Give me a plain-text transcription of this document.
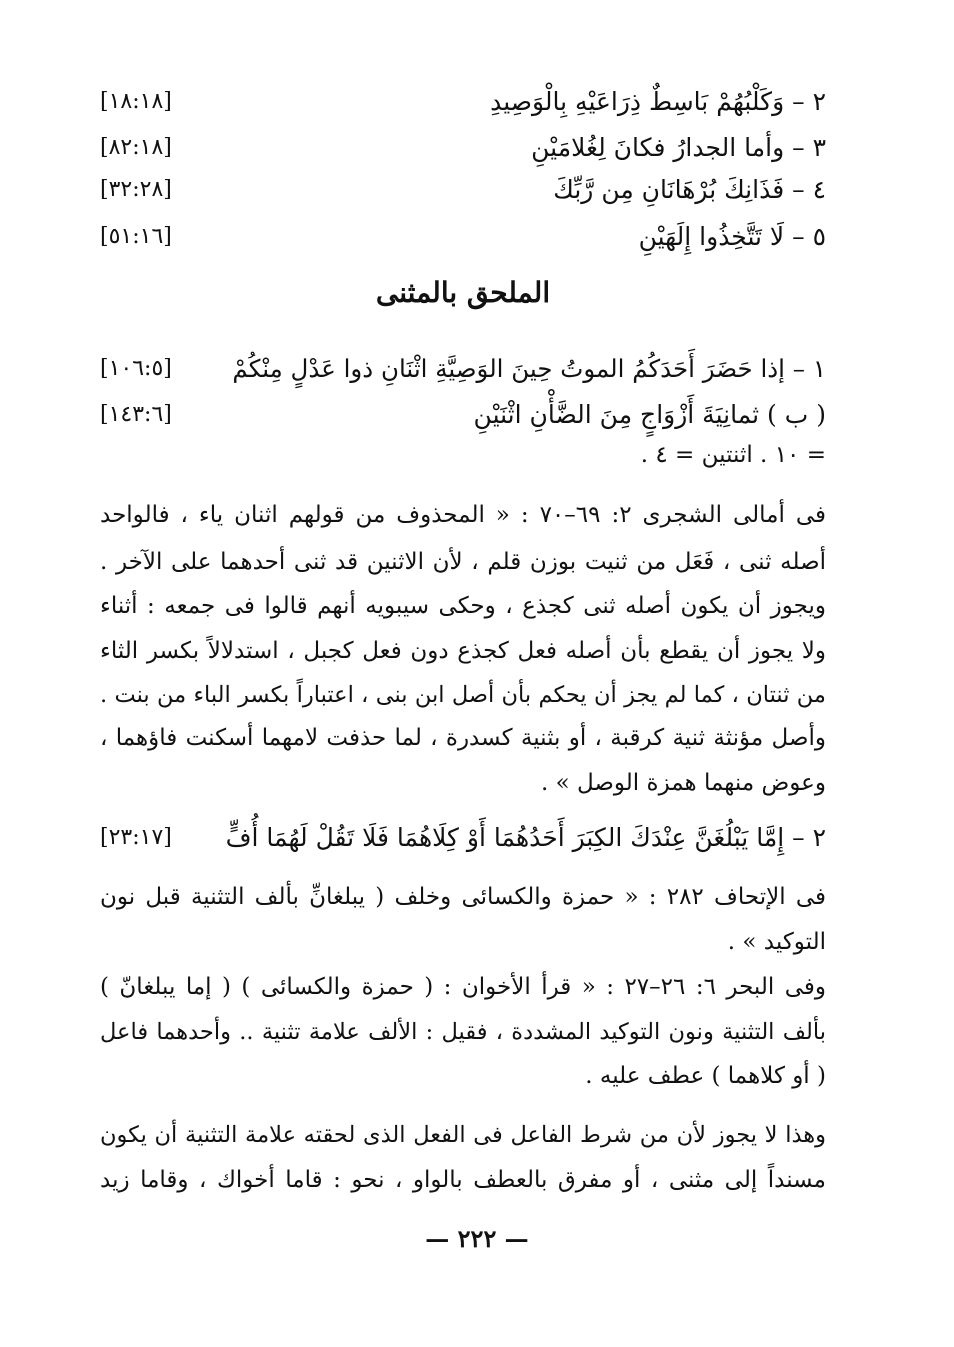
[١٨:١٨]	٢ – وَكَلْبُهُمْ بَاسِطٌ ذِرَاعَيْهِ بِالْوَصِيدِ
[٨٢:١٨]	٣ – وأما الجدارُ فكانَ لِغُلامَيْنِ
[٣٢:٢٨]	٤ – فَذَانِكَ بُرْهَانَانِ مِن رَّبِّكَ
[٥١:١٦]	٥ – لَا تَتَّخِذُوا إِلَهَيْنِ
الملحق بالمثنى
[١٠٦:٥] ١ – إذا حَضَرَ أَحَدَكُمُ الموتُ حِينَ الوَصِيَّةِ اثْنَانِ ذوا عَدْلٍ مِنْكُمْ
[١٤٣:٦]	( ب ) ثمانِيَةَ أَزْوَاجٍ مِنَ الضَّأْنِ اثْنَيْنِ
= ١٠ . اثنتين = ٤ .
فى أمالى الشجرى ٢: ٦٩–٧٠ : « المحذوف من قولهم اثنان ياء ، فالواحد
أصله ثنى ، فَعَل من ثنيت بوزن قلم ، لأن الاثنين قد ثنى أحدهما على الآخر .
ويجوز أن يكون أصله ثنى كجذع ، وحكى سيبويه أنهم قالوا فى جمعه : أثناء
ولا يجوز أن يقطع بأن أصله فعل كجذع دون فعل كجبل ، استدلالاً بكسر الثاء
من ثنتان ، كما لم يجز أن يحكم بأن أصل ابن بنى ، اعتباراً بكسر الباء من بنت .
وأصل مؤنثة ثنية كرقبة ، أو بثنية كسدرة ، لما حذفت لامهما أسكنت فاؤهما ،
وعوض منهما همزة الوصل » .
[٢٣:١٧] ٢ – إِمَّا يَبْلُغَنَّ عِنْدَكَ الكِبَرَ أَحَدُهُمَا أَوْ كِلَاهُمَا فَلَا تَقُلْ لَهُمَا أُفٍّ
فى الإتحاف ٢٨٢ : « حمزة والكسائى وخلف ( يبلغانِّ بألف التثنية قبل نون
التوكيد » .
وفى البحر ٦: ٢٦–٢٧ : « قرأ الأخوان : ( حمزة والكسائى ) ( إما يبلغانّ )
بألف التثنية ونون التوكيد المشددة ، فقيل : الألف علامة تثنية .. وأحدهما فاعل
( أو كلاهما ) عطف عليه .
وهذا لا يجوز لأن من شرط الفاعل فى الفعل الذى لحقته علامة التثنية أن يكون
مسنداً إلى مثنى ، أو مفرق بالعطف بالواو ، نحو : قاما أخواك ، وقاما زيد
— ٢٢٢ —
